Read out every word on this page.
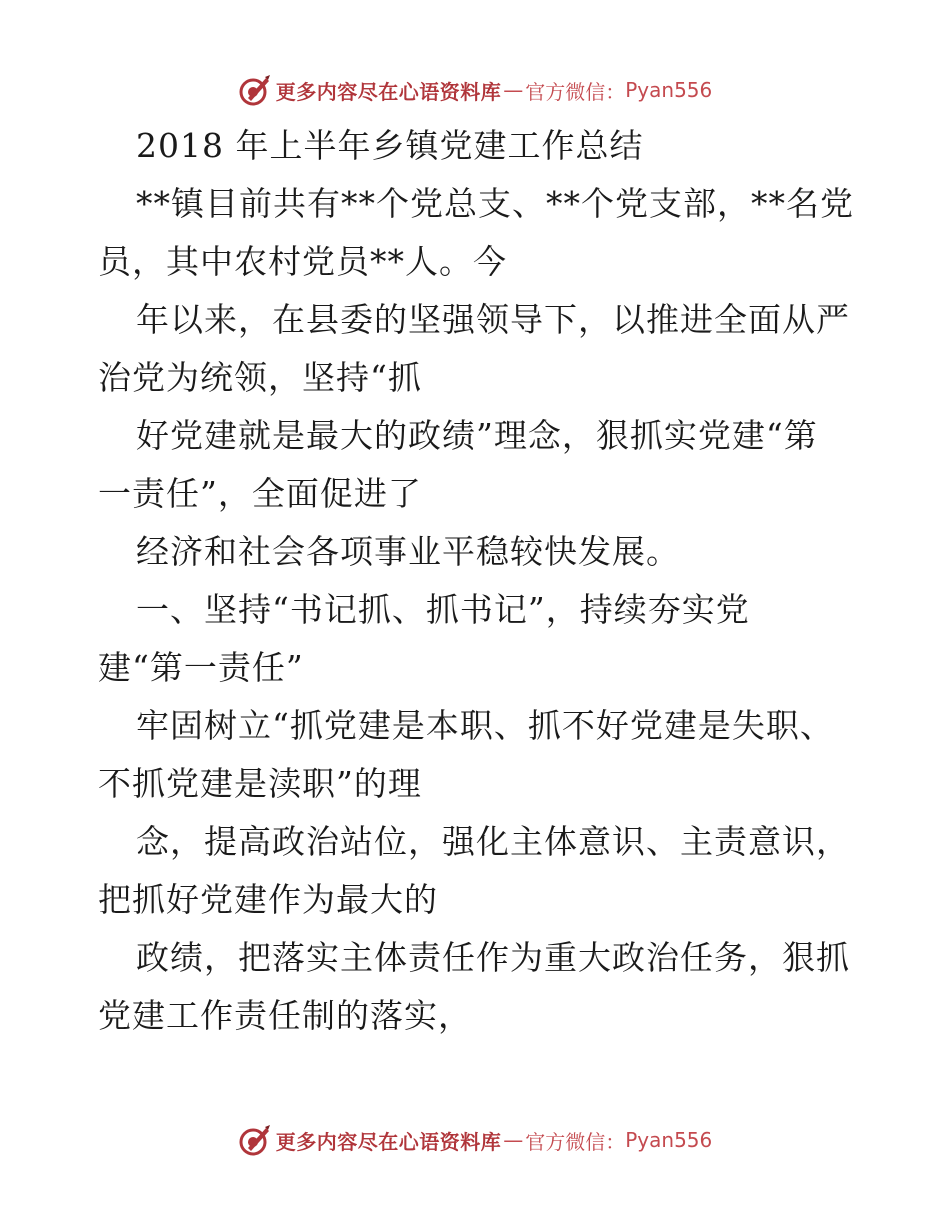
更多内容尽在心语资料库 — 官方微信： Pyan556
2018 年上半年乡镇党建工作总结
**镇目前共有**个党总支、**个党支部，**名党
员，其中农村党员**人。今
年以来，在县委的坚强领导下，以推进全面从严
治党为统领，坚持“抓
好党建就是最大的政绩”理念，狠抓实党建“第
一责任”，全面促进了
经济和社会各项事业平稳较快发展。
一、坚持“书记抓、抓书记”，持续夯实党
建“第一责任”
牢固树立“抓党建是本职、抓不好党建是失职、
不抓党建是渎职”的理
念，提高政治站位，强化主体意识、主责意识，
把抓好党建作为最大的
政绩，把落实主体责任作为重大政治任务，狠抓
党建工作责任制的落实，
更多内容尽在心语资料库 — 官方微信： Pyan556
